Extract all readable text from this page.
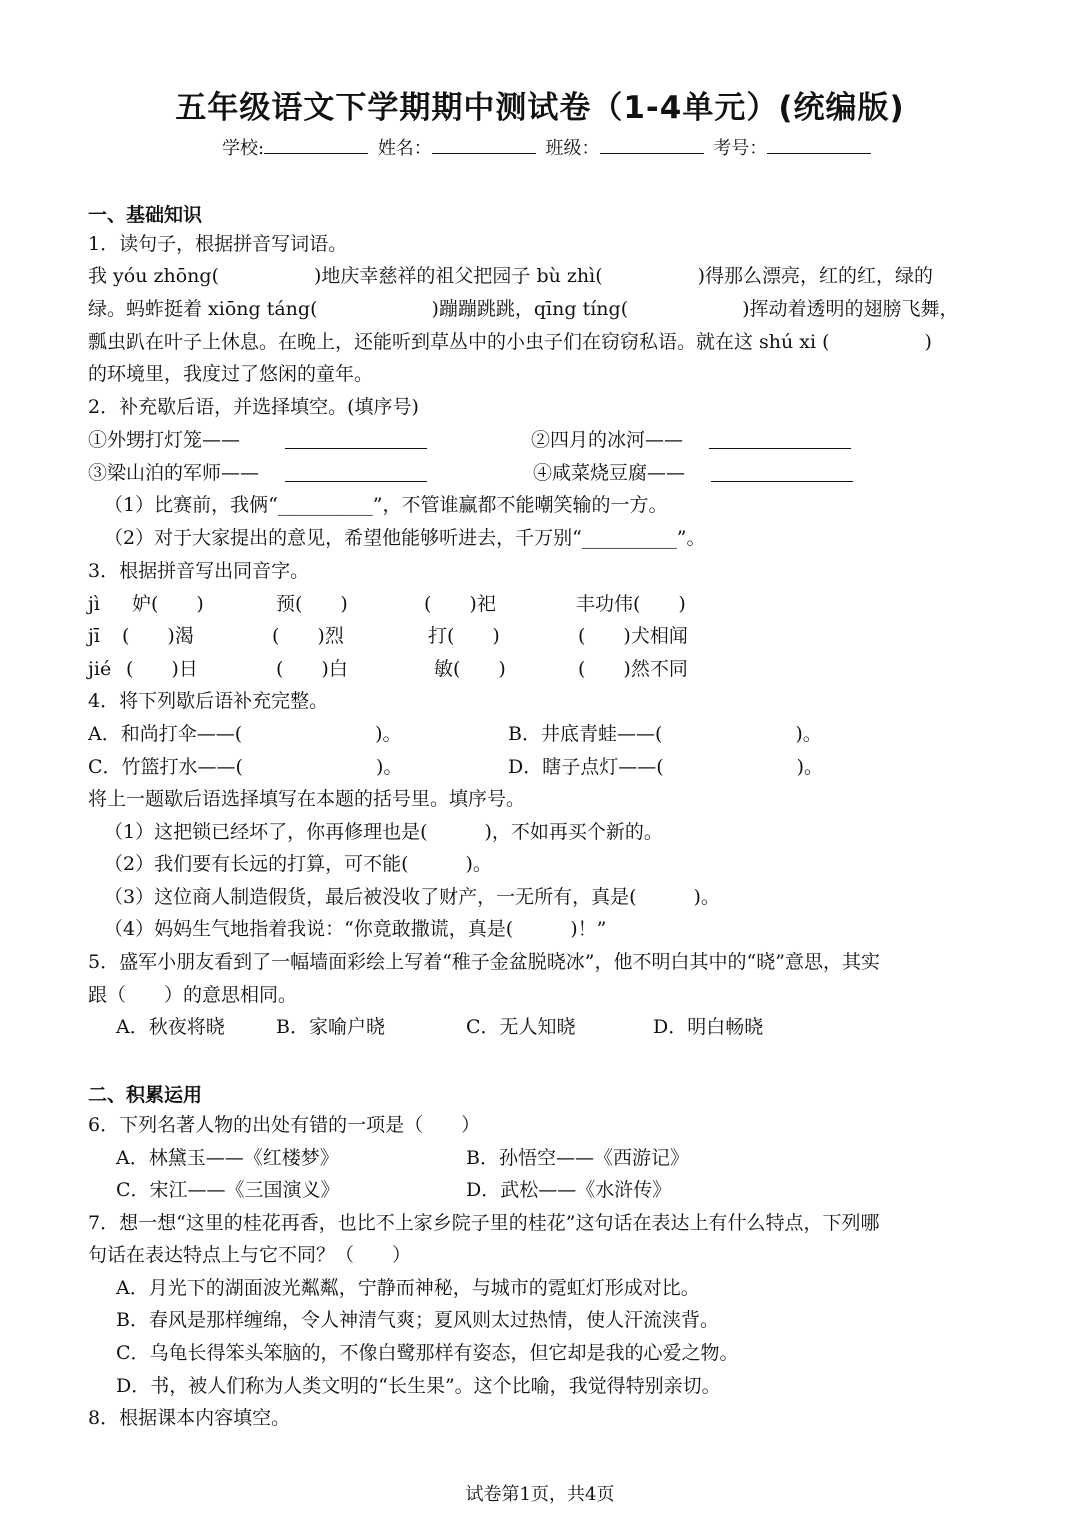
五年级语文下学期期中测试卷（1-4单元）(统编版)
学校:	姓名：	班级：	考号：
一、基础知识
1．读句子，根据拼音写词语。
我 yóu zhōng(　　　　　)地庆幸慈祥的祖父把园子 bù zhì(　　　　　)得那么漂亮，红的红，绿的
绿。蚂蚱挺着 xiōng táng(　　　　　　)蹦蹦跳跳，qīng tíng(　　　　　　)挥动着透明的翅膀飞舞，
瓢虫趴在叶子上休息。在晚上，还能听到草丛中的小虫子们在窃窃私语。就在这 shú xi (　　　　　)
的环境里，我度过了悠闲的童年。
2．补充歇后语，并选择填空。(填序号)
①外甥打灯笼——	②四月的冰河——
③梁山泊的军师——	④咸菜烧豆腐——
（1）比赛前，我俩“__________”，不管谁赢都不能嘲笑输的一方。
（2）对于大家提出的意见，希望他能够听进去，千万别“__________”。
3．根据拼音写出同音字。
jì 妒(　　)	预(　　)	(　　)祀	丰功伟(　　)
jī (　　)渴	(　　)烈	打(　　)	(　　)犬相闻
jié (　　)日	(　　)白	敏(　　)	(　　)然不同
4．将下列歇后语补充完整。
A．和尚打伞——(　　　　　　　)。	B．井底青蛙——(　　　　　　　)。
C．竹篮打水——(　　　　　　　)。	D．瞎子点灯——(　　　　　　　)。
将上一题歇后语选择填写在本题的括号里。填序号。
（1）这把锁已经坏了，你再修理也是(　　　)，不如再买个新的。
（2）我们要有长远的打算，可不能(　　　)。
（3）这位商人制造假货，最后被没收了财产，一无所有，真是(　　　)。
（4）妈妈生气地指着我说：“你竟敢撒谎，真是(　　　)！”
5．盛军小朋友看到了一幅墙面彩绘上写着“稚子金盆脱晓冰”，他不明白其中的“晓”意思，其实
跟（　　）的意思相同。
A．秋夜将晓	B．家喻户晓	C．无人知晓	D．明白畅晓
二、积累运用
6．下列名著人物的出处有错的一项是（　　）
A．林黛玉——《红楼梦》	B．孙悟空——《西游记》
C．宋江——《三国演义》	D．武松——《水浒传》
7．想一想“这里的桂花再香，也比不上家乡院子里的桂花”这句话在表达上有什么特点，下列哪
句话在表达特点上与它不同？（　　）
A．月光下的湖面波光粼粼，宁静而神秘，与城市的霓虹灯形成对比。
B．春风是那样缠绵，令人神清气爽；夏风则太过热情，使人汗流浃背。
C．乌龟长得笨头笨脑的，不像白鹭那样有姿态，但它却是我的心爱之物。
D．书，被人们称为人类文明的“长生果”。这个比喻，我觉得特别亲切。
8．根据课本内容填空。
试卷第1页，共4页
